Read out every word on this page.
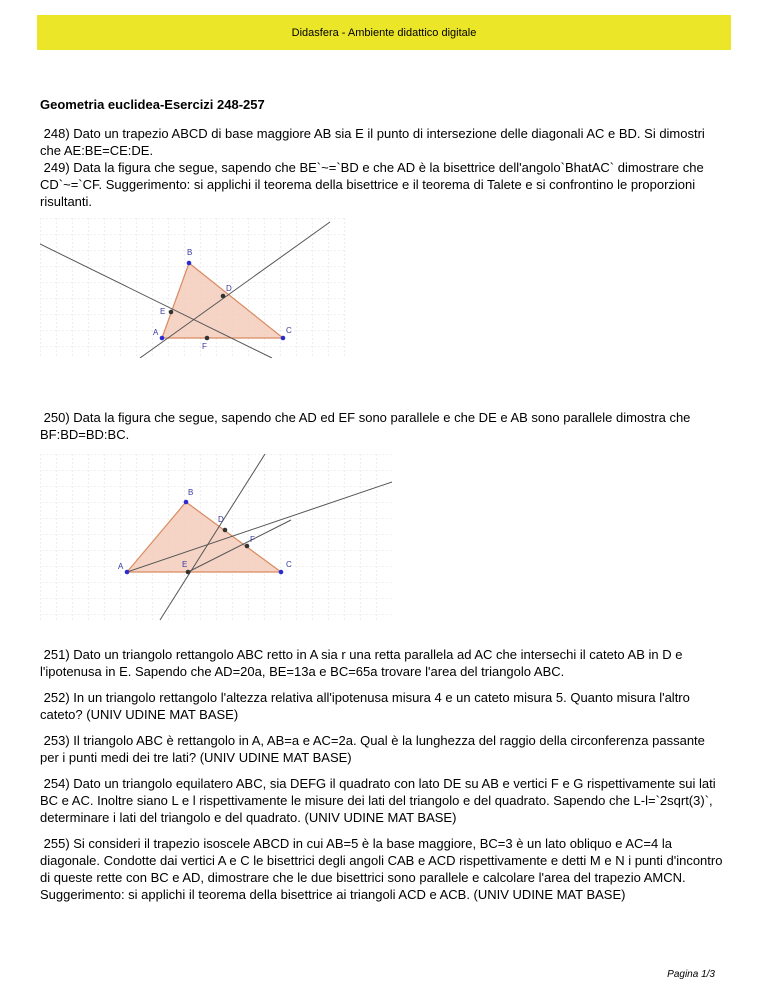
Didasfera - Ambiente didattico digitale

Geometria euclidea-Esercizi 248-257

248) Dato un trapezio ABCD di base maggiore AB sia E il punto di intersezione delle diagonali AC e BD. Si dimostri che AE:BE=CE:DE.

249) Data la figura che segue, sapendo che BE`~=`BD e che AD è la bisettrice dell'angolo`BhatAC` dimostrare che CD`~=`CF. Suggerimento: si applichi il teorema della bisettrice e il teorema di Talete e si confrontino le proporzioni risultanti.

A
B
C
D
E
F

250) Data la figura che segue, sapendo che AD ed EF sono parallele e che DE e AB sono parallele dimostra che BF:BD=BD:BC.

A
B
C
D
E
F

251) Dato un triangolo rettangolo ABC retto in A sia r una retta parallela ad AC che intersechi il cateto AB in D e l'ipotenusa in E. Sapendo che AD=20a, BE=13a e BC=65a trovare l'area del triangolo ABC.

252) In un triangolo rettangolo l'altezza relativa all'ipotenusa misura 4 e un cateto misura 5. Quanto misura l'altro cateto? (UNIV UDINE MAT BASE)

253) Il triangolo ABC è rettangolo in A, AB=a e AC=2a. Qual è la lunghezza del raggio della circonferenza passante per i punti medi dei tre lati? (UNIV UDINE MAT BASE)

254) Dato un triangolo equilatero ABC, sia DEFG il quadrato con lato DE su AB e vertici F e G rispettivamente sui lati BC e AC. Inoltre siano L e l rispettivamente le misure dei lati del triangolo e del quadrato. Sapendo che L-l=`2sqrt(3)`, determinare i lati del triangolo e del quadrato. (UNIV UDINE MAT BASE)

255) Si consideri il trapezio isoscele ABCD in cui AB=5 è la base maggiore, BC=3 è un lato obliquo e AC=4 la diagonale. Condotte dai vertici A e C le bisettrici degli angoli CAB e ACD rispettivamente e detti M e N i punti d'incontro di queste rette con BC e AD, dimostrare che le due bisettrici sono parallele e calcolare l'area del trapezio AMCN. Suggerimento: si applichi il teorema della bisettrice ai triangoli ACD e ACB. (UNIV UDINE MAT BASE)

Pagina 1/3
